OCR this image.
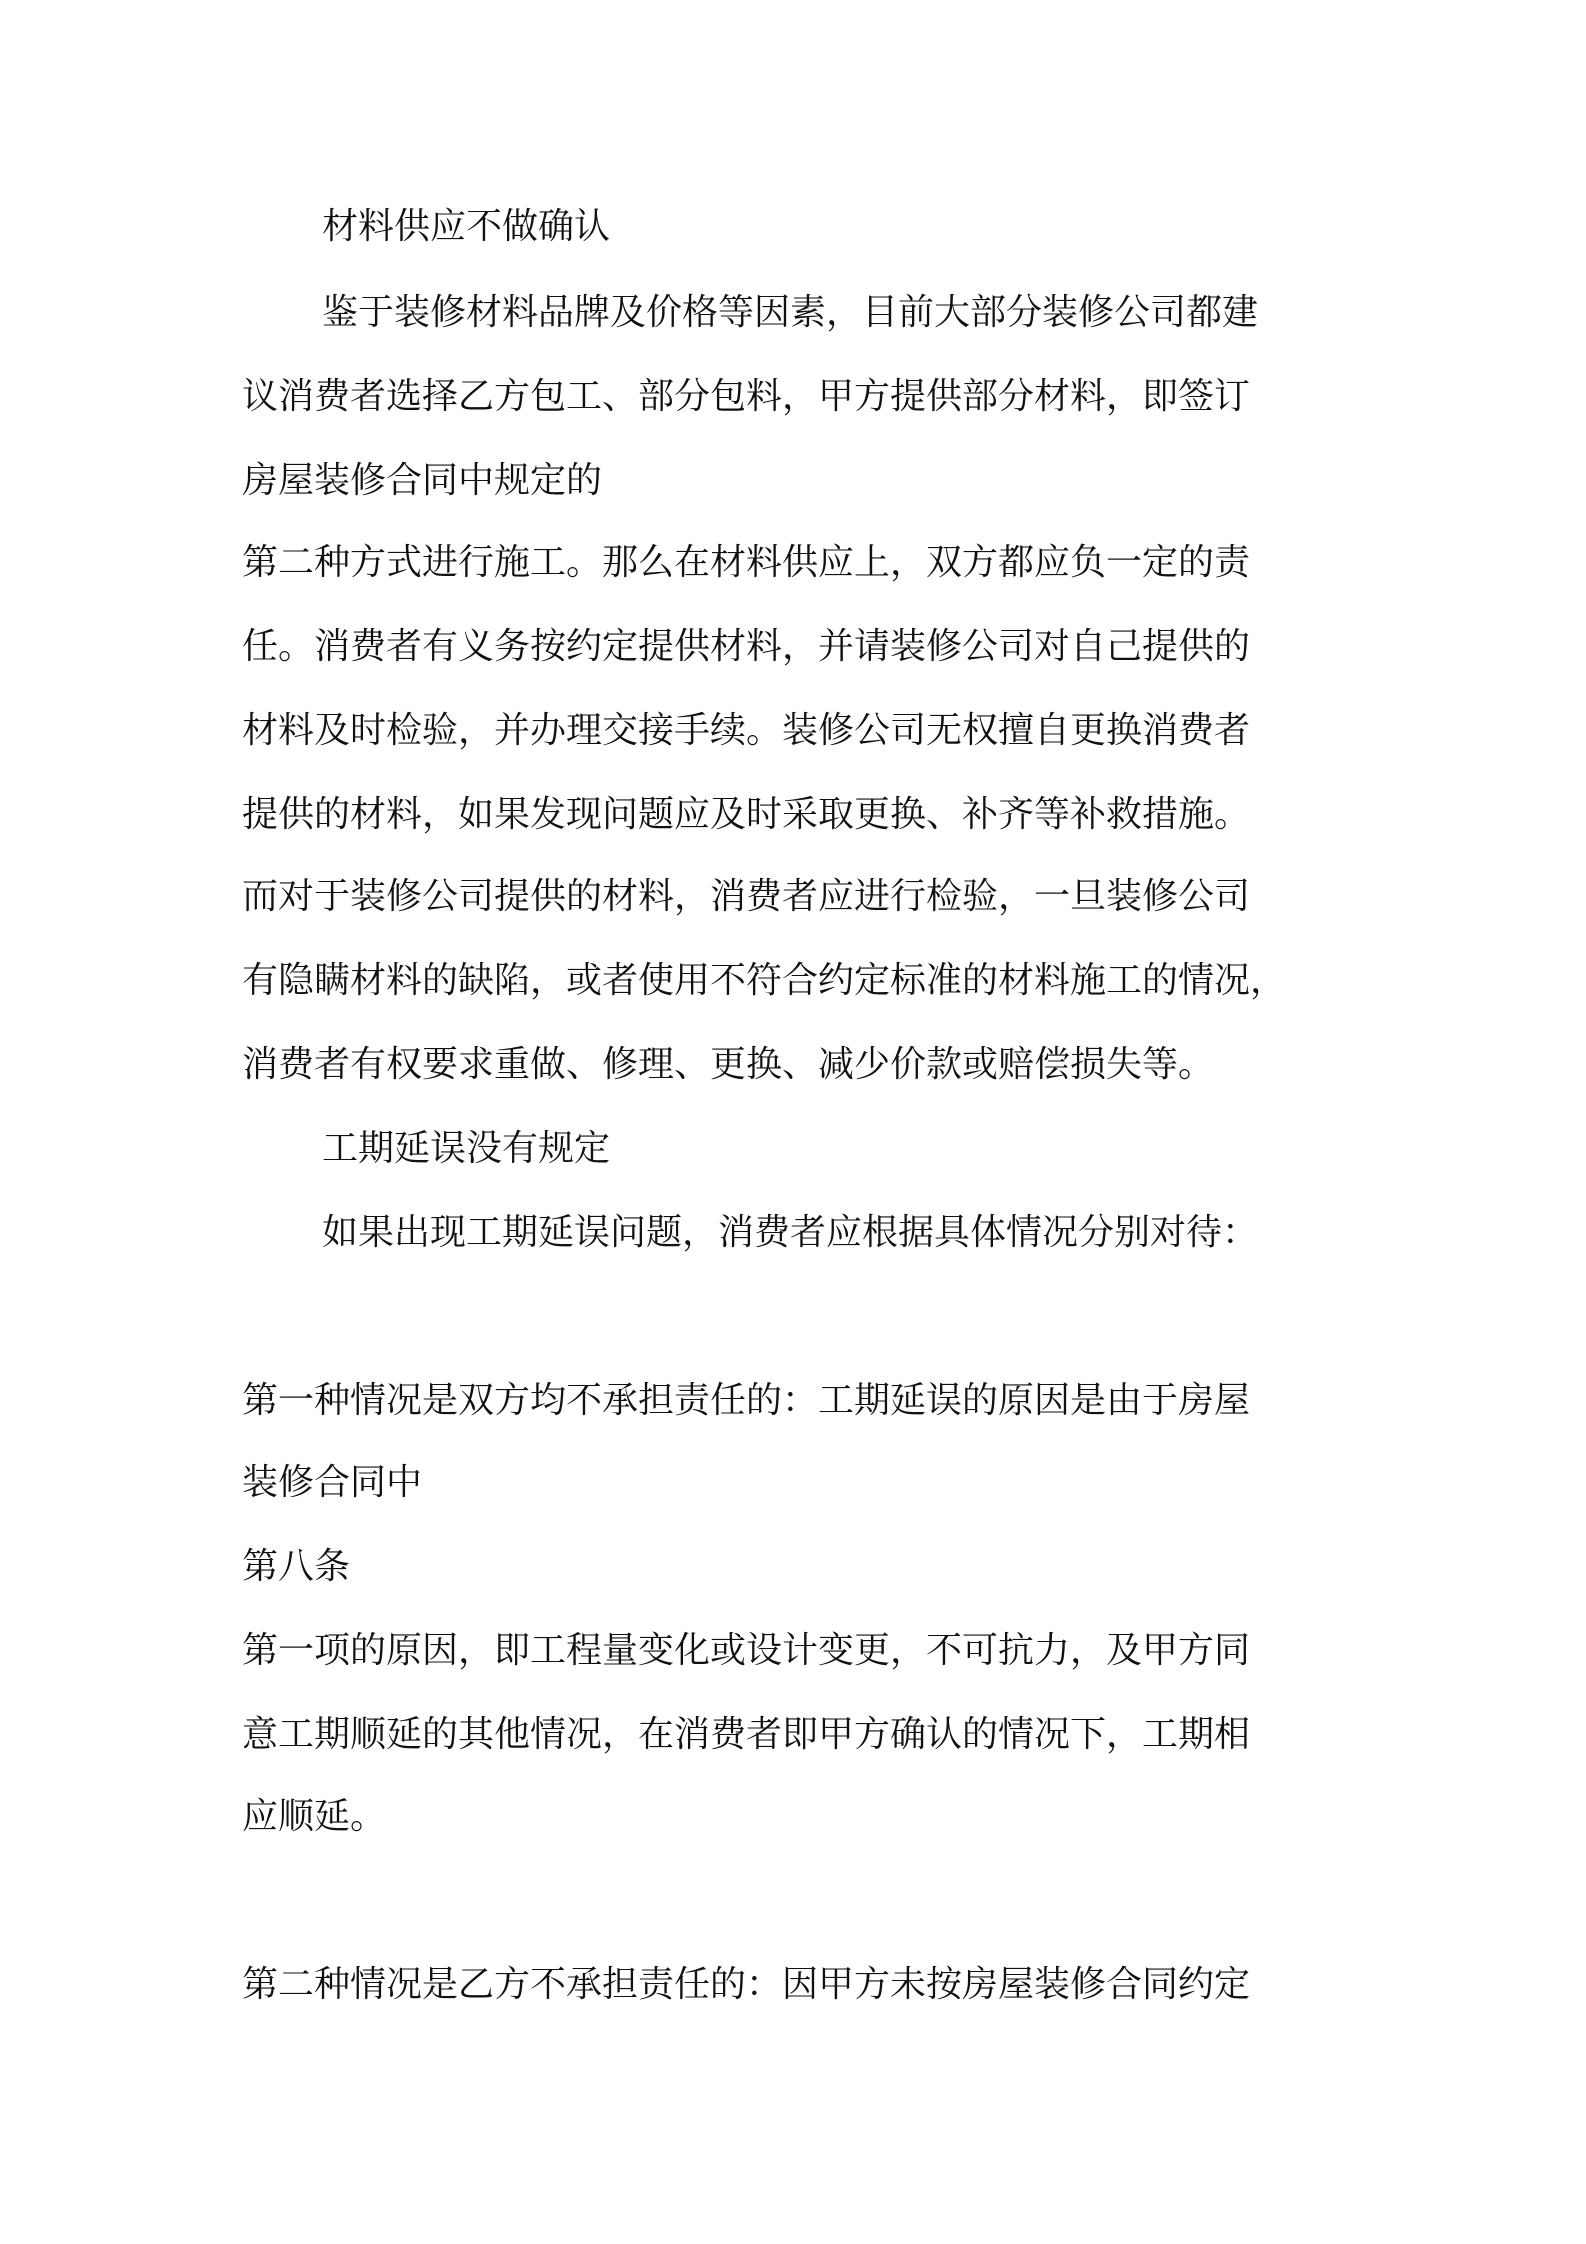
材料供应不做确认

鉴于装修材料品牌及价格等因素，目前大部分装修公司都建

议消费者选择乙方包工、部分包料，甲方提供部分材料，即签订

房屋装修合同中规定的

第二种方式进行施工。那么在材料供应上，双方都应负一定的责

任。消费者有义务按约定提供材料，并请装修公司对自己提供的

材料及时检验，并办理交接手续。装修公司无权擅自更换消费者

提供的材料，如果发现问题应及时采取更换、补齐等补救措施。

而对于装修公司提供的材料，消费者应进行检验，一旦装修公司

有隐瞒材料的缺陷，或者使用不符合约定标准的材料施工的情况，

消费者有权要求重做、修理、更换、减少价款或赔偿损失等。

工期延误没有规定

如果出现工期延误问题，消费者应根据具体情况分别对待：

第一种情况是双方均不承担责任的：工期延误的原因是由于房屋

装修合同中

第八条

第一项的原因，即工程量变化或设计变更，不可抗力，及甲方同

意工期顺延的其他情况，在消费者即甲方确认的情况下，工期相

应顺延。

第二种情况是乙方不承担责任的：因甲方未按房屋装修合同约定
